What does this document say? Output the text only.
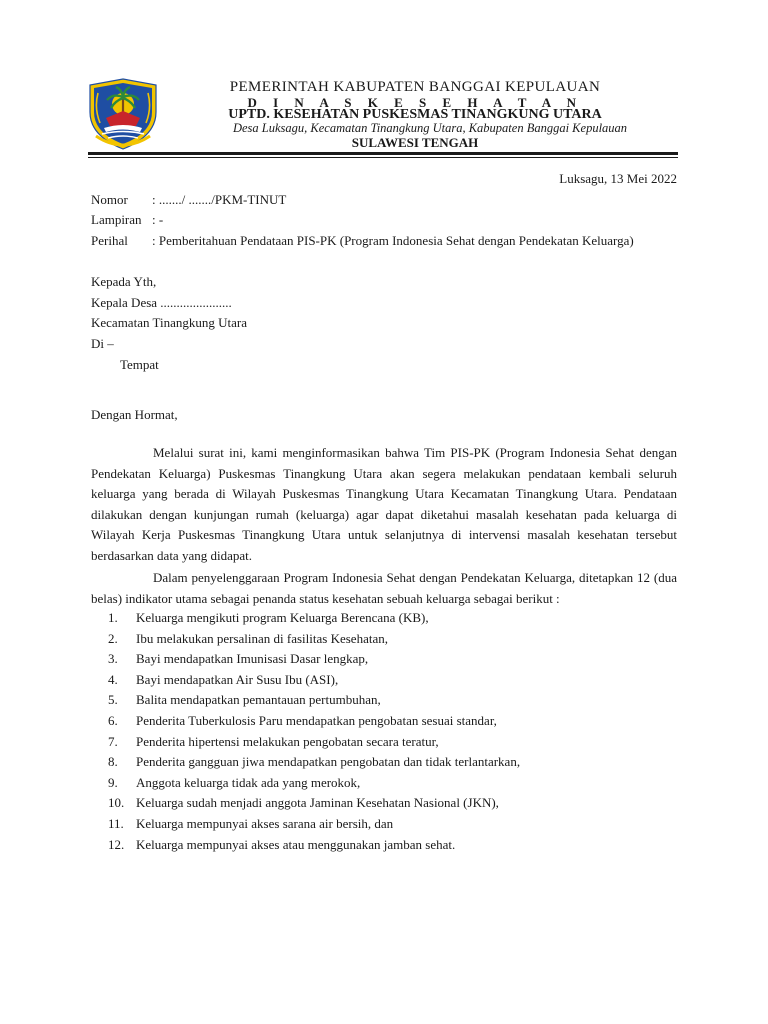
PEMERINTAH KABUPATEN BANGGAI KEPULAUAN
D I N A S K E S E H A T A N
UPTD. KESEHATAN PUSKESMAS TINANGKUNG UTARA
Desa Luksagu, Kecamatan Tinangkung Utara, Kabupaten Banggai Kepulauan
SULAWESI TENGAH
Luksagu, 13 Mei 2022
Nomor : ......./ ......./PKM-TINUT
Lampiran : -
Perihal : Pemberitahuan Pendataan PIS-PK (Program Indonesia Sehat dengan Pendekatan Keluarga)
Kepada Yth,
Kepala Desa ......................
Kecamatan Tinangkung Utara
Di –
Tempat
Dengan Hormat,

Melalui surat ini, kami menginformasikan bahwa Tim PIS-PK (Program Indonesia Sehat dengan Pendekatan Keluarga) Puskesmas Tinangkung Utara akan segera melakukan pendataan kembali seluruh keluarga yang berada di Wilayah Puskesmas Tinangkung Utara Kecamatan Tinangkung Utara. Pendataan dilakukan dengan kunjungan rumah (keluarga) agar dapat diketahui masalah kesehatan pada keluarga di Wilayah Kerja Puskesmas Tinangkung Utara untuk selanjutnya di intervensi masalah kesehatan tersebut berdasarkan data yang didapat.

Dalam penyelenggaraan Program Indonesia Sehat dengan Pendekatan Keluarga, ditetapkan 12 (dua belas) indikator utama sebagai penanda status kesehatan sebuah keluarga sebagai berikut :

1. Keluarga mengikuti program Keluarga Berencana (KB),
2. Ibu melakukan persalinan di fasilitas Kesehatan,
3. Bayi mendapatkan Imunisasi Dasar lengkap,
4. Bayi mendapatkan Air Susu Ibu (ASI),
5. Balita mendapatkan pemantauan pertumbuhan,
6. Penderita Tuberkulosis Paru mendapatkan pengobatan sesuai standar,
7. Penderita hipertensi melakukan pengobatan secara teratur,
8. Penderita gangguan jiwa mendapatkan pengobatan dan tidak terlantarkan,
9. Anggota keluarga tidak ada yang merokok,
10. Keluarga sudah menjadi anggota Jaminan Kesehatan Nasional (JKN),
11. Keluarga mempunyai akses sarana air bersih, dan
12. Keluarga mempunyai akses atau menggunakan jamban sehat.
